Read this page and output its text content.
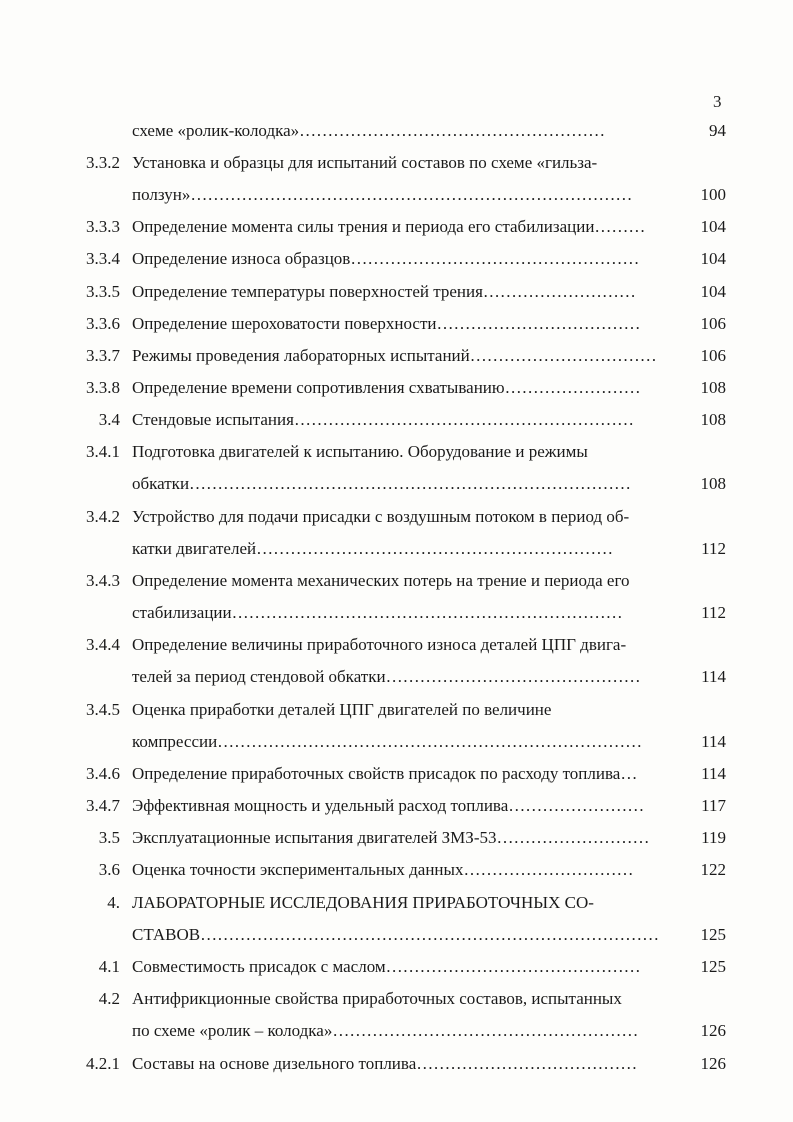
3
схеме «ролик-колодка»………………………………………………	94
3.3.2 Установка и образцы для испытаний составов по схеме «гильза-
ползун»……………………………………………………………………	100
3.3.3 Определение момента силы трения и периода его стабилизации………	104
3.3.4 Определение износа образцов……………………………………………	104
3.3.5 Определение температуры поверхностей трения………………………	104
3.3.6 Определение шероховатости поверхности………………………………	106
3.3.7 Режимы проведения лабораторных испытаний……………………………	106
3.3.8 Определение времени сопротивления схватыванию……………………	108
3.4 Стендовые испытания……………………………………………………	108
3.4.1 Подготовка двигателей к испытанию. Оборудование и режимы
обкатки……………………………………………………………………	108
3.4.2 Устройство для подачи присадки с воздушным потоком в период об-
катки двигателей………………………………………………………	112
3.4.3 Определение момента механических потерь на трение и периода его
стабилизации……………………………………………………………	112
3.4.4 Определение величины приработочного износа деталей ЦПГ двига-
телей за период стендовой обкатки………………………………………	114
3.4.5 Оценка приработки деталей ЦПГ двигателей по величине
компрессии…………………………………………………………………	114
3.4.6 Определение приработочных свойств присадок по расходу топлива…	114
3.4.7 Эффективная мощность и удельный расход топлива……………………	117
3.5 Эксплуатационные испытания двигателей ЗМЗ-53………………………	119
3.6 Оценка точности экспериментальных данных…………………………	122
4. ЛАБОРАТОРНЫЕ ИССЛЕДОВАНИЯ ПРИРАБОТОЧНЫХ СО-
СТАВОВ………………………………………………………………………	125
4.1 Совместимость присадок с маслом………………………………………	125
4.2 Антифрикционные свойства приработочных составов, испытанных
по схеме «ролик – колодка»………………………………………………	126
4.2.1 Составы на основе дизельного топлива…………………………………	126
